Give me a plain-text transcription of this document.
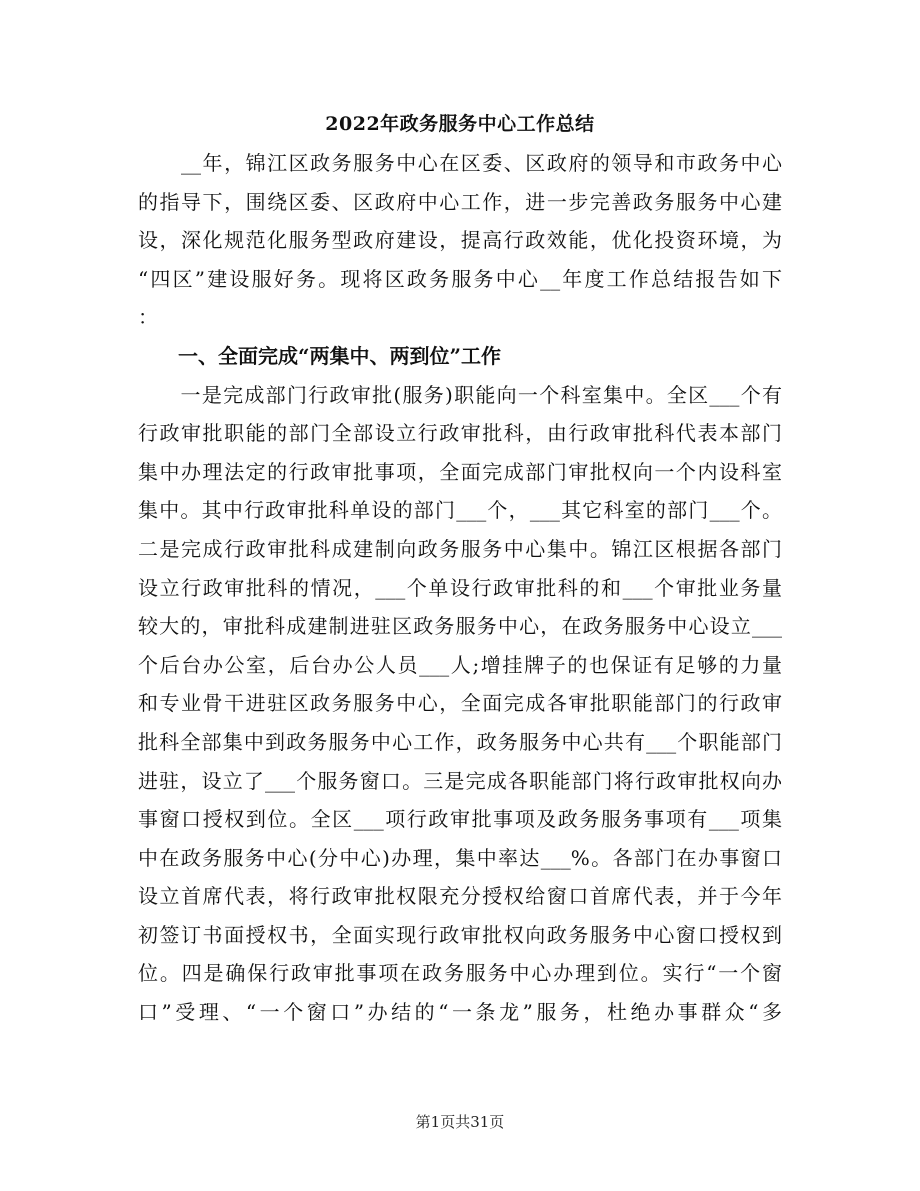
2022年政务服务中心工作总结
　　__年，锦江区政务服务中心在区委、区政府的领导和市政务中心
的指导下，围绕区委、区政府中心工作，进一步完善政务服务中心建
设，深化规范化服务型政府建设，提高行政效能，优化投资环境，为
“四区”建设服好务。现将区政务服务中心__年度工作总结报告如下
：
　　一、全面完成“两集中、两到位”工作
　　一是完成部门行政审批(服务)职能向一个科室集中。全区___个有
行政审批职能的部门全部设立行政审批科，由行政审批科代表本部门
集中办理法定的行政审批事项，全面完成部门审批权向一个内设科室
集中。其中行政审批科单设的部门___个，___其它科室的部门___个。
二是完成行政审批科成建制向政务服务中心集中。锦江区根据各部门
设立行政审批科的情况，___个单设行政审批科的和___个审批业务量
较大的，审批科成建制进驻区政务服务中心，在政务服务中心设立___
个后台办公室，后台办公人员___人;增挂牌子的也保证有足够的力量
和专业骨干进驻区政务服务中心，全面完成各审批职能部门的行政审
批科全部集中到政务服务中心工作，政务服务中心共有___个职能部门
进驻，设立了___个服务窗口。三是完成各职能部门将行政审批权向办
事窗口授权到位。全区___项行政审批事项及政务服务事项有___项集
中在政务服务中心(分中心)办理，集中率达___%。各部门在办事窗口
设立首席代表，将行政审批权限充分授权给窗口首席代表，并于今年
初签订书面授权书，全面实现行政审批权向政务服务中心窗口授权到
位。四是确保行政审批事项在政务服务中心办理到位。实行“一个窗
口”受理、“一个窗口”办结的“一条龙”服务，杜绝办事群众“多
第1页共31页
